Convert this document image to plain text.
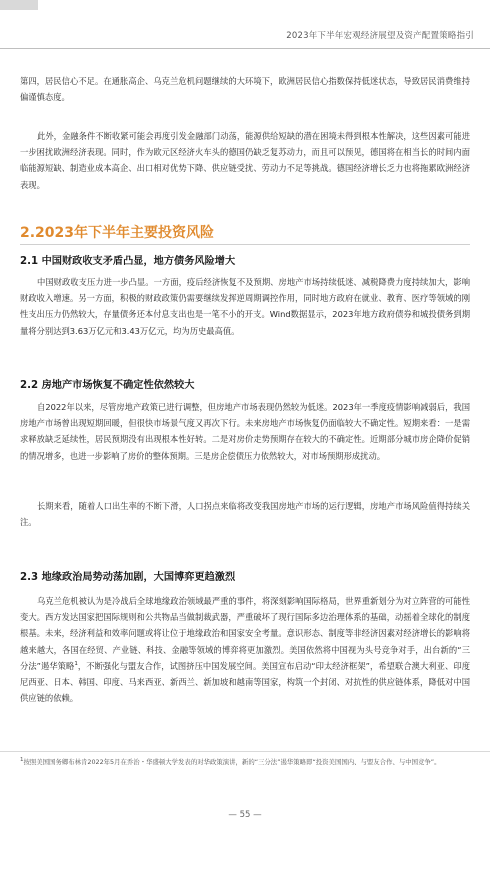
2023年下半年宏观经济展望及资产配置策略指引

第四，居民信心不足。在通胀高企、乌克兰危机问题继续的大环境下，欧洲居民信心指数保持低迷状态，导致居民消费维持偏谨慎态度。

此外，金融条件不断收紧可能会再度引发金融部门动荡，能源供给短缺的潜在困境未得到根本性解决，这些因素可能进一步困扰欧洲经济表现。同时，作为欧元区经济火车头的德国仍缺乏复苏动力，而且可以预见，德国将在相当长的时间内面临能源短缺、制造业成本高企、出口相对优势下降、供应链受扰、劳动力不足等挑战。德国经济增长乏力也将拖累欧洲经济表现。

2.2023年下半年主要投资风险
2.1 中国财政收支矛盾凸显，地方债务风险增大

中国财政收支压力进一步凸显。一方面，疫后经济恢复不及预期、房地产市场持续低迷、减税降费力度持续加大，影响财政收入增速。另一方面，积极的财政政策仍需要继续发挥逆周期调控作用，同时地方政府在就业、教育、医疗等领域的刚性支出压力仍然较大，存量债务还本付息支出也是一笔不小的开支。Wind数据显示，2023年地方政府债券和城投债务到期量将分别达到3.63万亿元和3.43万亿元，均为历史最高值。

2.2 房地产市场恢复不确定性依然较大

自2022年以来，尽管房地产政策已进行调整，但房地产市场表现仍然较为低迷。2023年一季度疫情影响减弱后，我国房地产市场曾出现短期回暖，但很快市场景气度又再次下行。未来房地产市场恢复仍面临较大不确定性。短期来看：一是需求释放缺乏延续性，居民预期没有出现根本性好转。二是对房价走势预期存在较大的不确定性。近期部分城市房企降价促销的情况增多，也进一步影响了房价的整体预期。三是房企偿债压力依然较大，对市场预期形成扰动。

长期来看，随着人口出生率的不断下滑，人口拐点来临将改变我国房地产市场的运行逻辑，房地产市场风险值得持续关注。

2.3 地缘政治局势动荡加剧，大国博弈更趋激烈

乌克兰危机被认为是冷战后全球地缘政治领域最严重的事件，将深刻影响国际格局，世界重新划分为对立阵营的可能性变大。西方发达国家把国际规则和公共物品当做制裁武器，严重破坏了现行国际多边治理体系的基础，动摇着全球化的制度根基。未来，经济利益和效率问题或将让位于地缘政治和国家安全考量。意识形态、制度等非经济因素对经济增长的影响将越来越大，各国在经贸、产业链、科技、金融等领域的博弈将更加激烈。美国依然将中国视为头号竞争对手，出台新的“三分法”遏华策略$^1$，不断强化与盟友合作，试图挤压中国发展空间。美国宣布启动“印太经济框架”，希望联合澳大利亚、印度尼西亚、日本、韩国、印度、马来西亚、新西兰、新加坡和越南等国家，构筑一个封闭、对抗性的供应链体系，降低对中国供应链的依赖。

$^1$按照美国国务卿布林肯2022年5月在乔治・华盛顿大学发表的对华政策演讲，新的“三分法”遏华策略即“投资美国国内、与盟友合作、与中国竞争”。

— 55 —
